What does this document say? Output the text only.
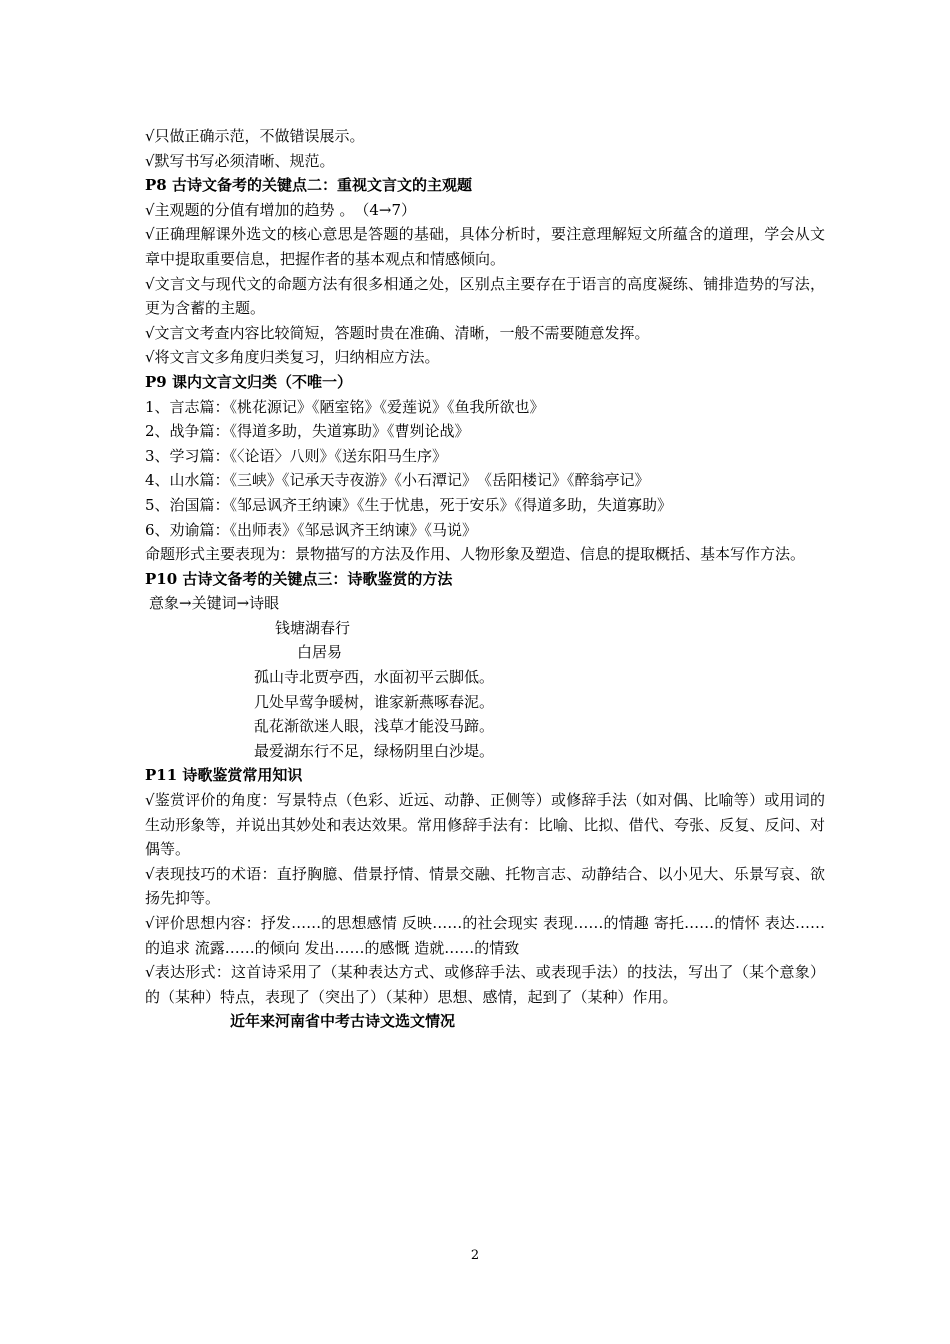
√只做正确示范，不做错误展示。
√默写书写必须清晰、规范。
P8 古诗文备考的关键点二：重视文言文的主观题
√主观题的分值有增加的趋势 。　（4→7）
√正确理解课外选文的核心意思是答题的基础，具体分析时，要注意理解短文所蕴含的道理，学会从文章中提取重要信息，把握作者的基本观点和情感倾向。
√文言文与现代文的命题方法有很多相通之处，区别点主要存在于语言的高度凝练、铺排造势的写法，更为含蓄的主题。
√文言文考查内容比较简短，答题时贵在准确、清晰，一般不需要随意发挥。
√将文言文多角度归类复习，归纳相应方法。
P9 课内文言文归类（不唯一）
1、言志篇：《桃花源记》《陋室铭》《爱莲说》《鱼我所欲也》
2、战争篇：《得道多助，失道寡助》《曹刿论战》
3、学习篇：《〈论语〉八则》《送东阳马生序》
4、山水篇：《三峡》《记承天寺夜游》《小石潭记》　《岳阳楼记》《醉翁亭记》
5、治国篇：《邹忌讽齐王纳谏》《生于忧患，死于安乐》《得道多助，失道寡助》
6、劝谕篇：《出师表》《邹忌讽齐王纳谏》《马说》
命题形式主要表现为：景物描写的方法及作用、人物形象及塑造、信息的提取概括、基本写作方法。
P10 古诗文备考的关键点三：诗歌鉴赏的方法
意象→关键词→诗眼
钱塘湖春行
白居易
孤山寺北贾亭西，水面初平云脚低。
几处早莺争暖树，谁家新燕啄春泥。
乱花渐欲迷人眼，浅草才能没马蹄。
最爱湖东行不足，绿杨阴里白沙堤。
P11 诗歌鉴赏常用知识
√鉴赏评价的角度：写景特点（色彩、近远、动静、正侧等）或修辞手法（如对偶、比喻等）或用词的生动形象等，并说出其妙处和表达效果。常用修辞手法有：比喻、比拟、借代、夸张、反复、反问、对偶等。
√表现技巧的术语：直抒胸臆、借景抒情、情景交融、托物言志、动静结合、以小见大、乐景写哀、欲扬先抑等。
√评价思想内容：抒发……的思想感情 反映……的社会现实 表现……的情趣 寄托……的情怀 表达……的追求 流露……的倾向 发出……的感慨 造就……的情致
√表达形式：这首诗采用了（某种表达方式、或修辞手法、或表现手法）的技法，写出了（某个意象）的（某种）特点，表现了（突出了）（某种）思想、感情，起到了（某种）作用。
近年来河南省中考古诗文选文情况
2
